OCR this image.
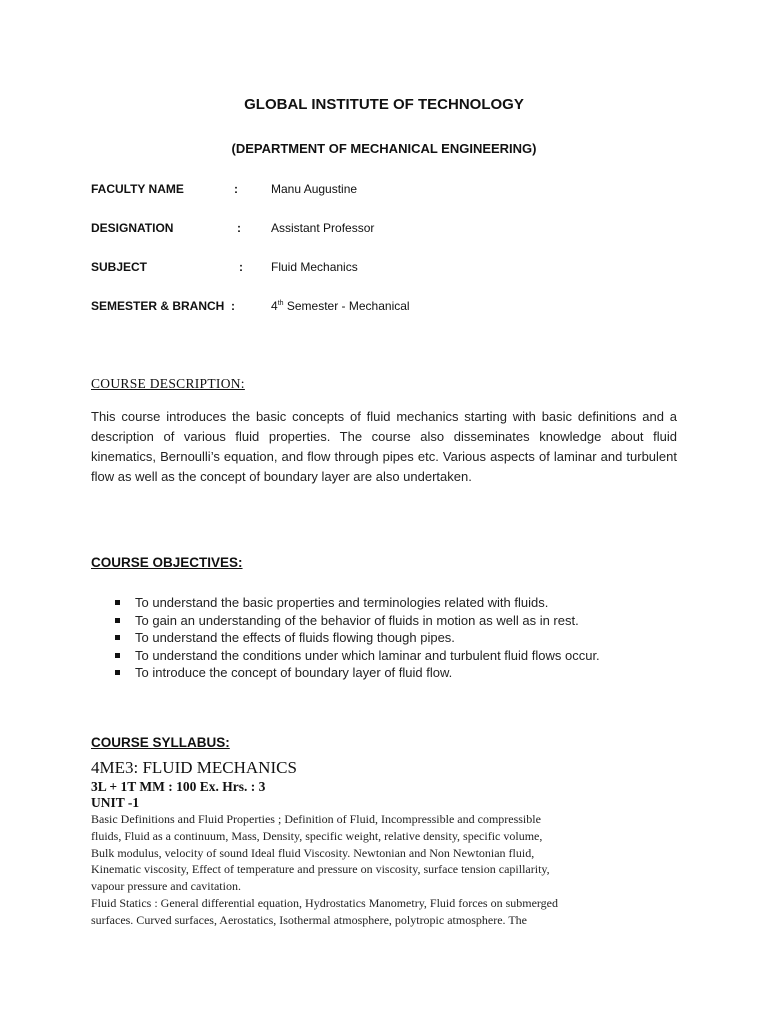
GLOBAL INSTITUTE OF TECHNOLOGY
(DEPARTMENT OF MECHANICAL ENGINEERING)
FACULTY NAME	:	Manu Augustine
DESIGNATION	:	Assistant Professor
SUBJECT	: Fluid Mechanics
SEMESTER & BRANCH :	4th Semester - Mechanical
COURSE DESCRIPTION:
This course introduces the basic concepts of fluid mechanics starting with basic definitions and a description of various fluid properties. The course also disseminates knowledge about fluid kinematics, Bernoulli’s equation, and flow through pipes etc. Various aspects of laminar and turbulent flow as well as the concept of boundary layer are also undertaken.
COURSE OBJECTIVES:
To understand the basic properties and terminologies related with fluids.
To gain an understanding of the behavior of fluids in motion as well as in rest.
To understand the effects of fluids flowing though pipes.
To understand the conditions under which laminar and turbulent fluid flows occur.
To introduce the concept of boundary layer of fluid flow.
COURSE SYLLABUS:
4ME3: FLUID MECHANICS
3L + 1T MM : 100 Ex. Hrs. : 3
UNIT -1
Basic Definitions and Fluid Properties ; Definition of Fluid, Incompressible and compressible
fluids, Fluid as a continuum, Mass, Density, specific weight, relative density, specific volume,
Bulk modulus, velocity of sound Ideal fluid Viscosity. Newtonian and Non Newtonian fluid,
Kinematic viscosity, Effect of temperature and pressure on viscosity, surface tension capillarity,
vapour pressure and cavitation.
Fluid Statics : General differential equation, Hydrostatics Manometry, Fluid forces on submerged
surfaces. Curved surfaces, Aerostatics, Isothermal atmosphere, polytropic atmosphere. The
